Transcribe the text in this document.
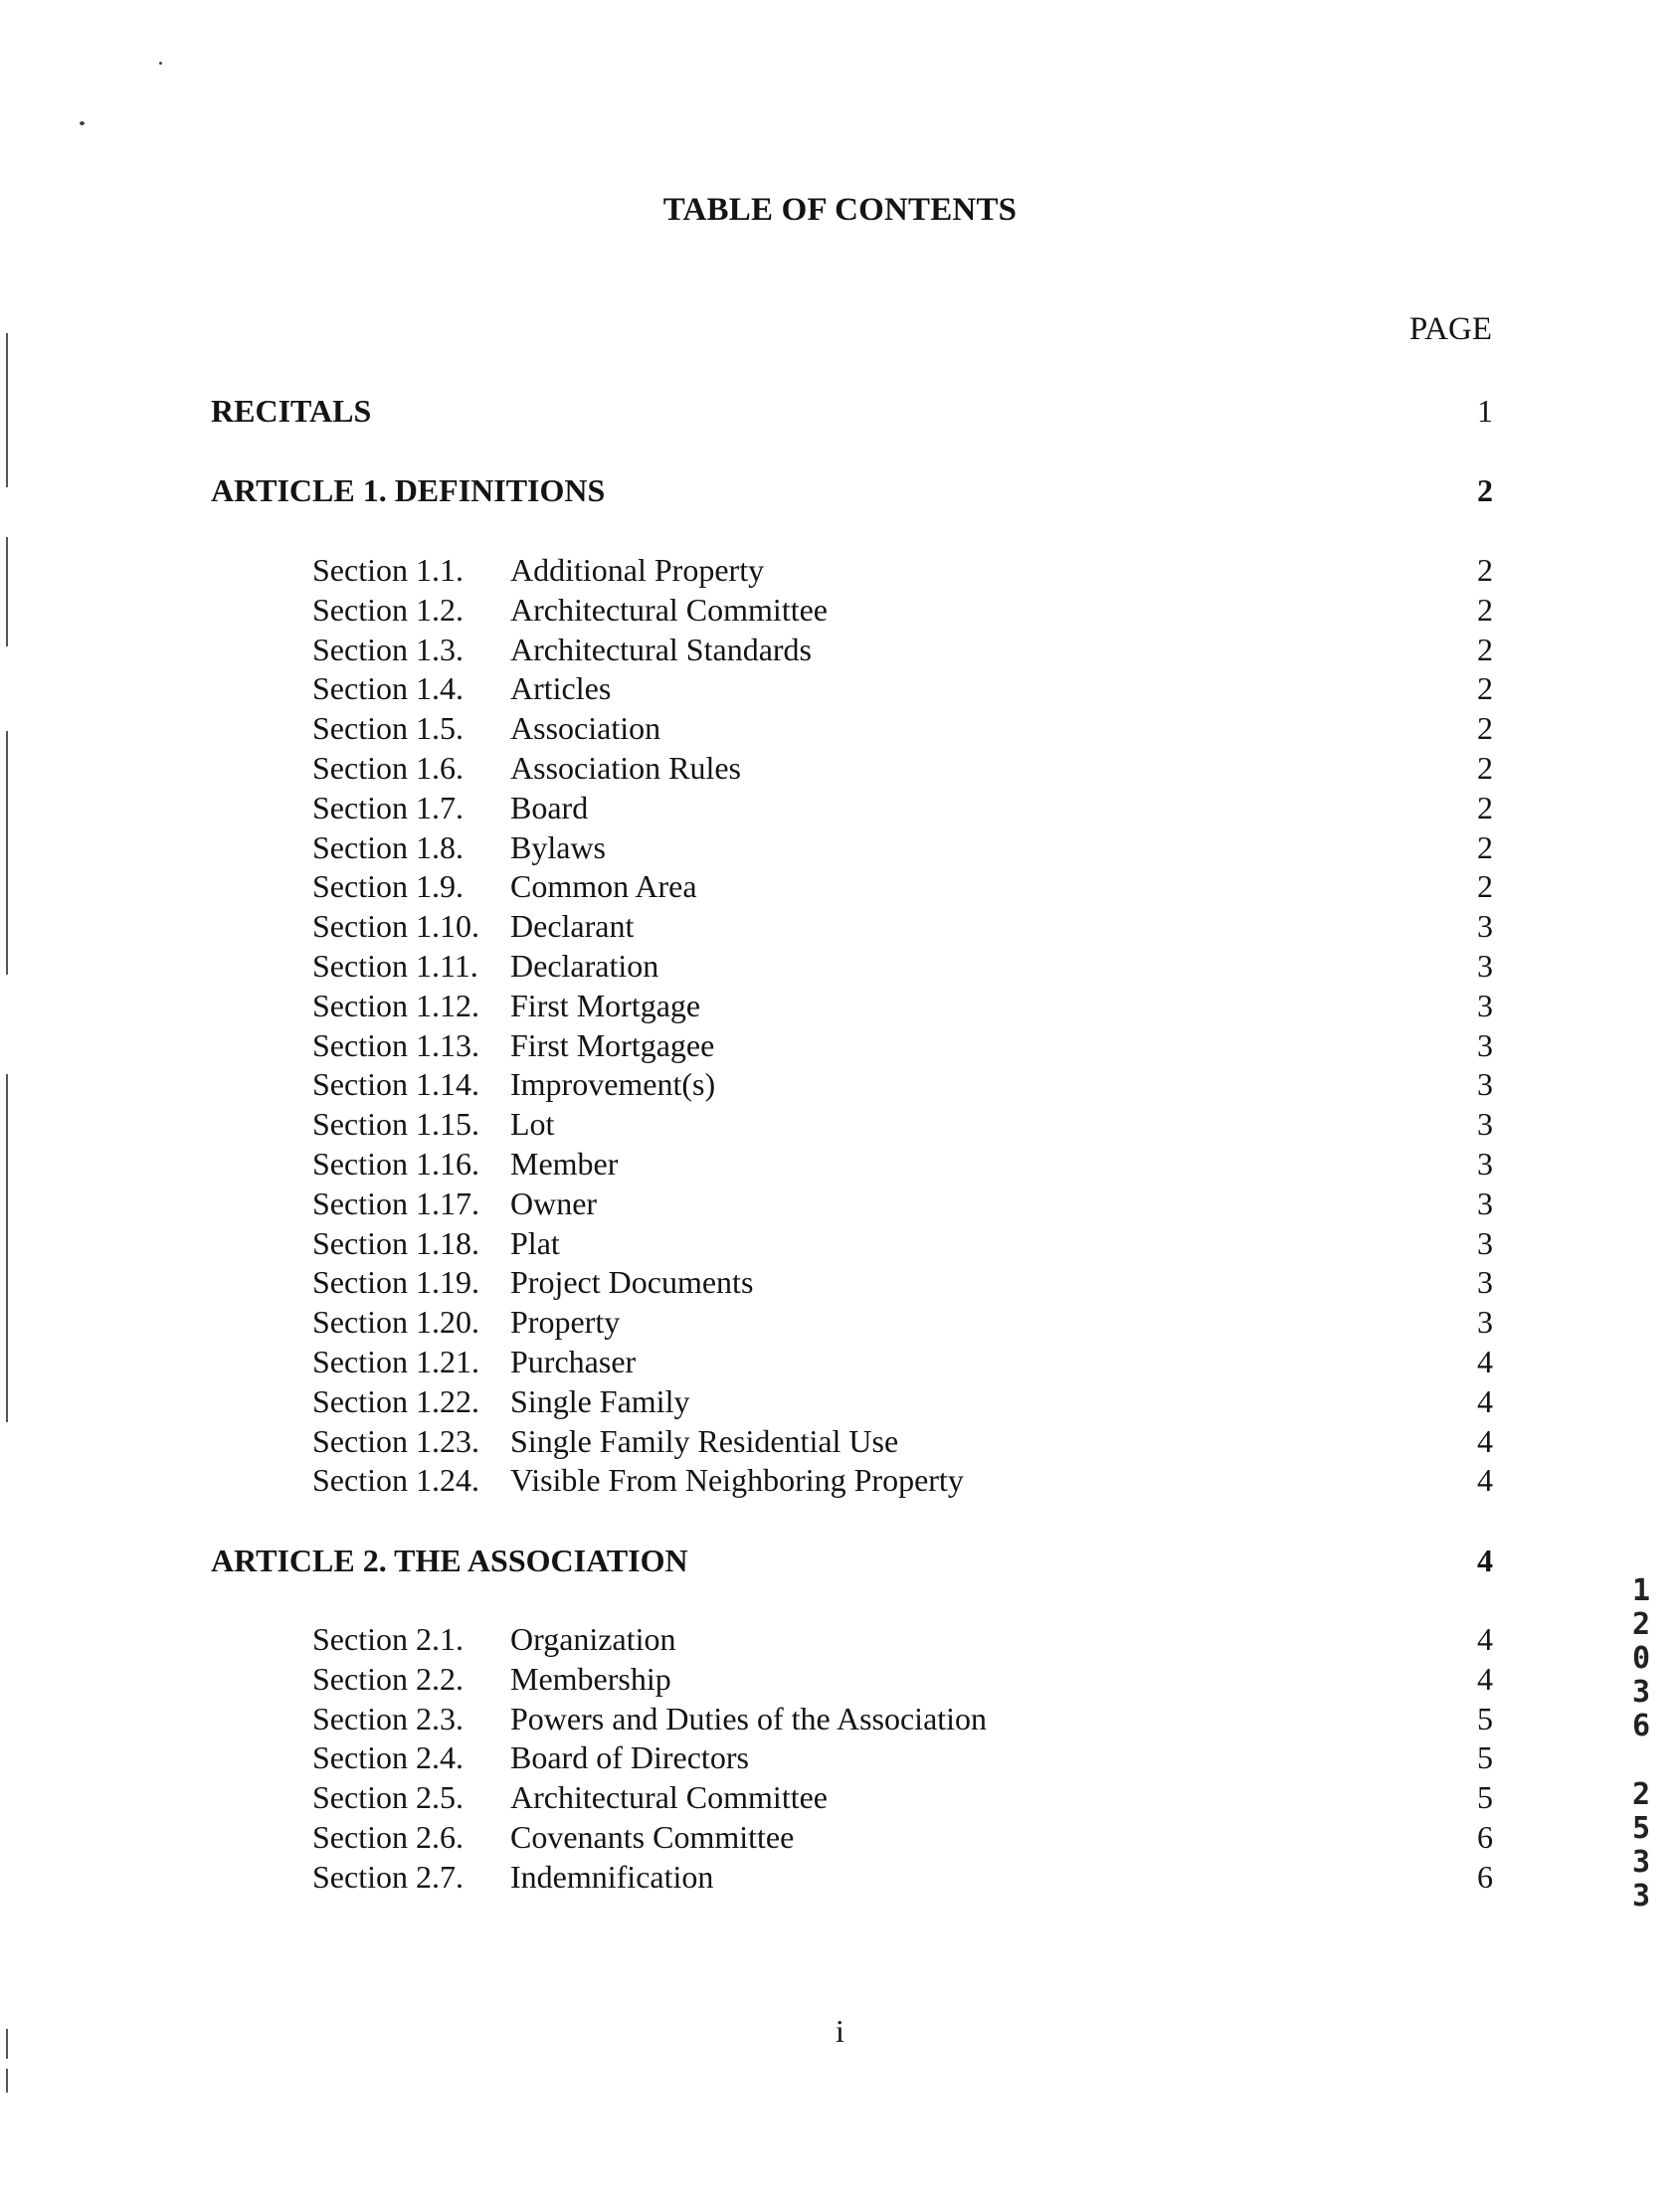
TABLE OF CONTENTS
PAGE
RECITALS	1
ARTICLE 1. DEFINITIONS	2
Section 1.1. Additional Property	2
Section 1.2. Architectural Committee	2
Section 1.3. Architectural Standards	2
Section 1.4. Articles	2
Section 1.5. Association	2
Section 1.6. Association Rules	2
Section 1.7. Board	2
Section 1.8. Bylaws	2
Section 1.9. Common Area	2
Section 1.10. Declarant	3
Section 1.11. Declaration	3
Section 1.12. First Mortgage	3
Section 1.13. First Mortgagee	3
Section 1.14. Improvement(s)	3
Section 1.15. Lot	3
Section 1.16. Member	3
Section 1.17. Owner	3
Section 1.18. Plat	3
Section 1.19. Project Documents	3
Section 1.20. Property	3
Section 1.21. Purchaser	4
Section 1.22. Single Family	4
Section 1.23. Single Family Residential Use	4
Section 1.24. Visible From Neighboring Property	4
ARTICLE 2. THE ASSOCIATION	4
Section 2.1. Organization	4
Section 2.2. Membership	4
Section 2.3. Powers and Duties of the Association	5
Section 2.4. Board of Directors	5
Section 2.5. Architectural Committee	5
Section 2.6. Covenants Committee	6
Section 2.7. Indemnification	6
1
2
0
3
6
2
5
3
3
i
